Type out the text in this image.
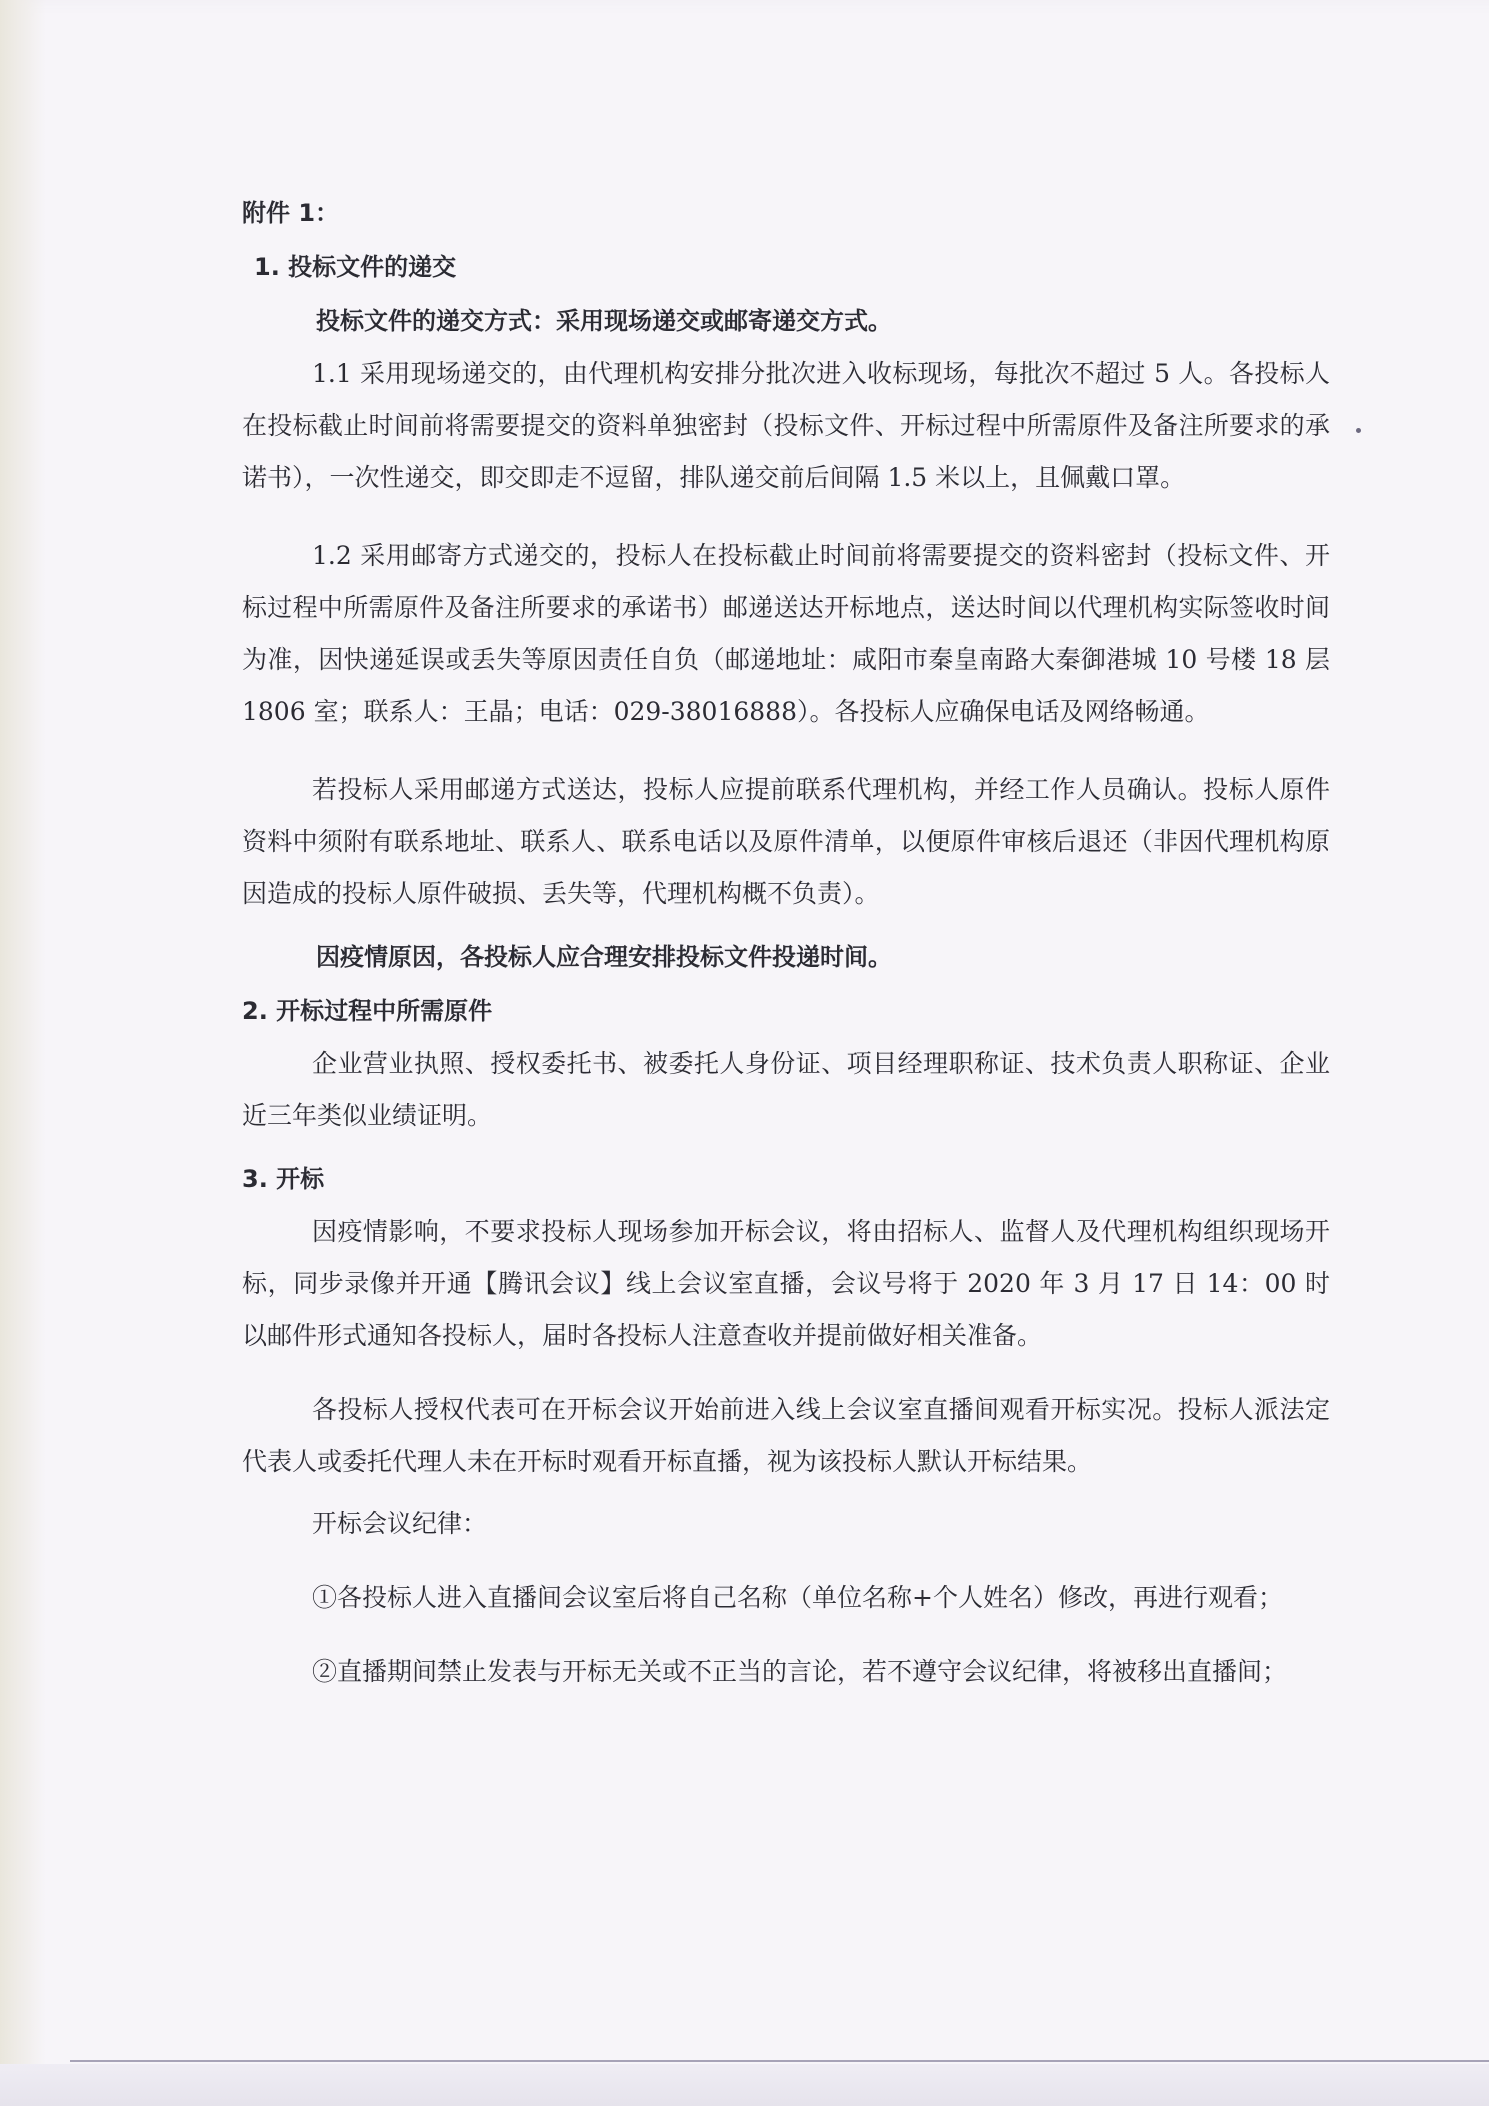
附件 1：

1. 投标文件的递交

投标文件的递交方式：采用现场递交或邮寄递交方式。

1.1 采用现场递交的，由代理机构安排分批次进入收标现场，每批次不超过 5 人。各投标人在投标截止时间前将需要提交的资料单独密封（投标文件、开标过程中所需原件及备注所要求的承诺书），一次性递交，即交即走不逗留，排队递交前后间隔 1.5 米以上，且佩戴口罩。

1.2 采用邮寄方式递交的，投标人在投标截止时间前将需要提交的资料密封（投标文件、开标过程中所需原件及备注所要求的承诺书）邮递送达开标地点，送达时间以代理机构实际签收时间为准，因快递延误或丢失等原因责任自负（邮递地址：咸阳市秦皇南路大秦御港城 10 号楼 18 层 1806 室；联系人：王晶；电话：029-38016888）。各投标人应确保电话及网络畅通。

若投标人采用邮递方式送达，投标人应提前联系代理机构，并经工作人员确认。投标人原件资料中须附有联系地址、联系人、联系电话以及原件清单，以便原件审核后退还（非因代理机构原因造成的投标人原件破损、丢失等，代理机构概不负责）。

因疫情原因，各投标人应合理安排投标文件投递时间。

2. 开标过程中所需原件

企业营业执照、授权委托书、被委托人身份证、项目经理职称证、技术负责人职称证、企业近三年类似业绩证明。

3. 开标

因疫情影响，不要求投标人现场参加开标会议，将由招标人、监督人及代理机构组织现场开标，同步录像并开通【腾讯会议】线上会议室直播，会议号将于 2020 年 3 月 17 日 14：00 时以邮件形式通知各投标人，届时各投标人注意查收并提前做好相关准备。

各投标人授权代表可在开标会议开始前进入线上会议室直播间观看开标实况。投标人派法定代表人或委托代理人未在开标时观看开标直播，视为该投标人默认开标结果。

开标会议纪律：

①各投标人进入直播间会议室后将自己名称（单位名称+个人姓名）修改，再进行观看；

②直播期间禁止发表与开标无关或不正当的言论，若不遵守会议纪律，将被移出直播间；
